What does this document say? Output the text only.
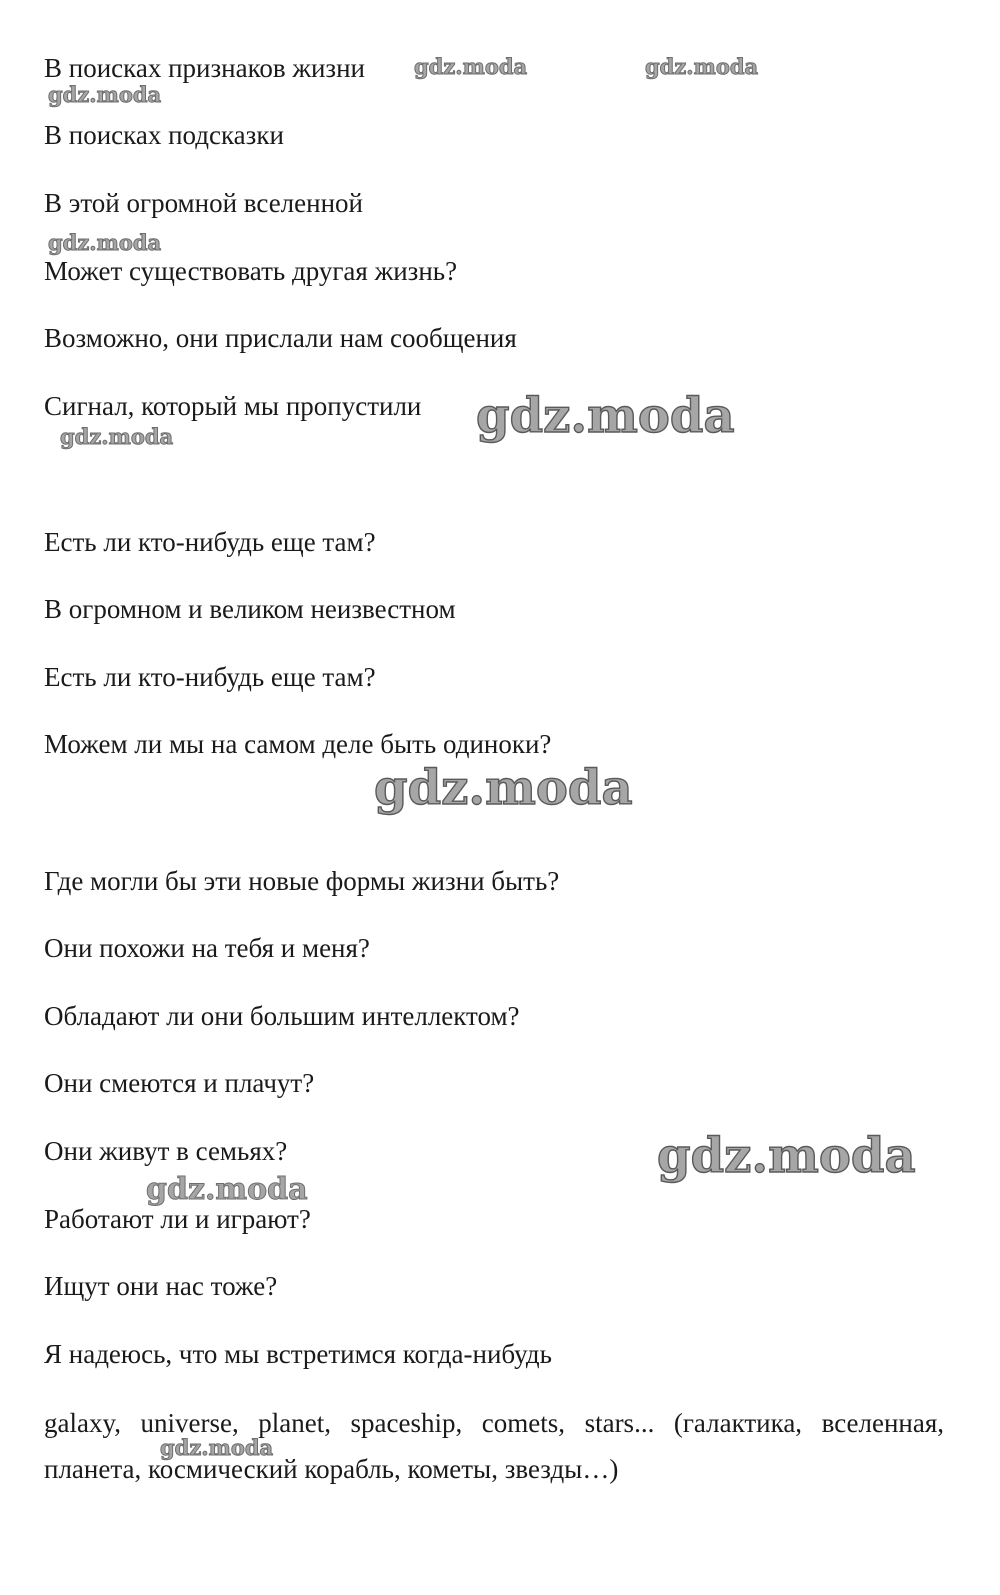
В поисках признаков жизни
В поисках подсказки
В этой огромной вселенной
Может существовать другая жизнь?
Возможно, они прислали нам сообщения
Сигнал, который мы пропустили
Есть ли кто-нибудь еще там?
В огромном и великом неизвестном
Есть ли кто-нибудь еще там?
Можем ли мы на самом деле быть одиноки?
Где могли бы эти новые формы жизни быть?
Они похожи на тебя и меня?
Обладают ли они большим интеллектом?
Они смеются и плачут?
Они живут в семьях?
Работают ли и играют?
Ищут они нас тоже?
Я надеюсь, что мы встретимся когда-нибудь
galaxy, universe, planet, spaceship, comets, stars... (галактика, вселенная, планета, космический корабль, кометы, звезды…)
gdz.moda	gdz.moda
gdz.moda
gdz.moda
gdz.moda	gdz.moda
gdz.moda
gdz.moda
gdz.moda
gdz.moda
